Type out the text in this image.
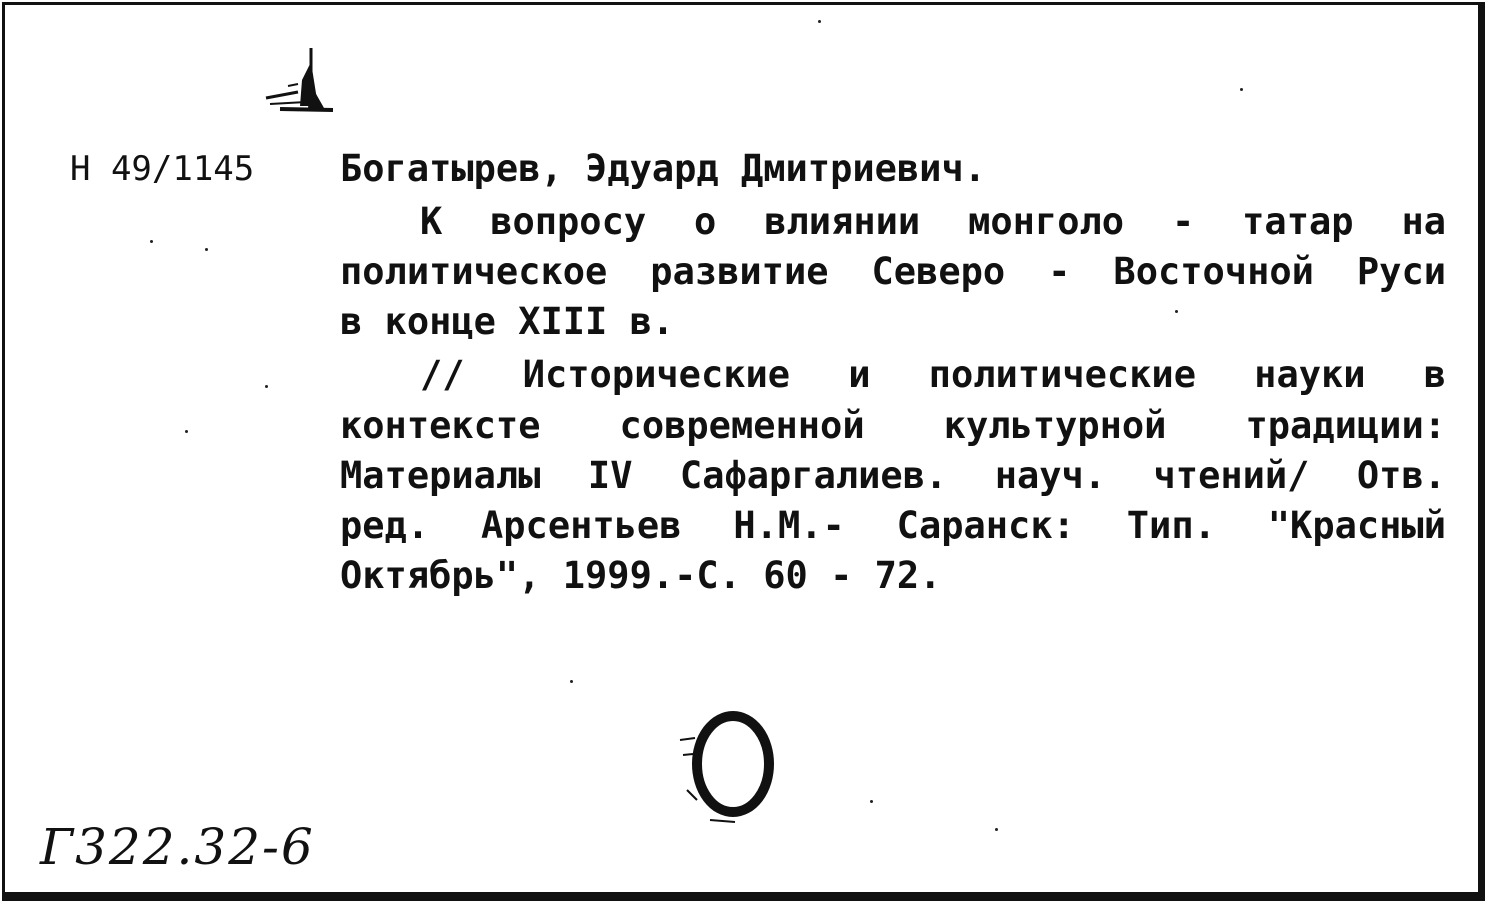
Н 49/1145 Богатырев, Эдуард Дмитриевич.
К вопросу о влиянии монголо - татар на
политическое развитие Северо - Восточной Руси
в конце XIII в.
// Исторические и политические науки в
контексте современной культурной традиции:
Материалы IV Сафаргалиев. науч. чтений/ Отв.
ред. Арсентьев Н.М.- Саранск: Тип. "Красный
Октябрь", 1999.-С. 60 - 72.
Г322.32-6
